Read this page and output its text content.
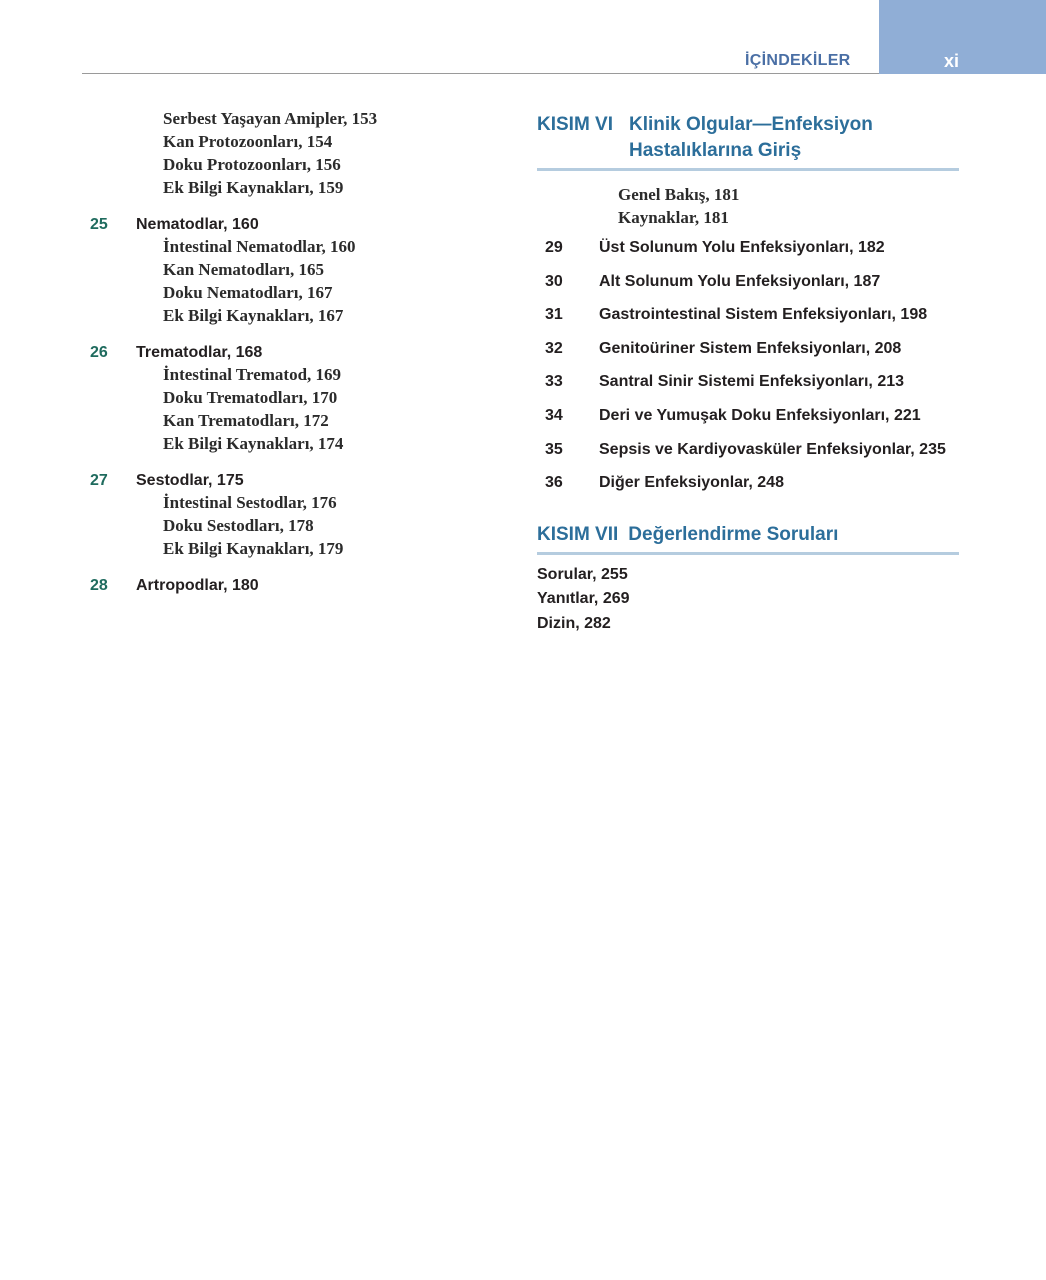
İÇİNDEKİLER	xi
Serbest Yaşayan Amipler, 153
Kan Protozoonları, 154
Doku Protozoonları, 156
Ek Bilgi Kaynakları, 159
25	Nematodlar, 160
İntestinal Nematodlar, 160
Kan Nematodları, 165
Doku Nematodları, 167
Ek Bilgi Kaynakları, 167
26	Trematodlar, 168
İntestinal Trematod, 169
Doku Trematodları, 170
Kan Trematodları, 172
Ek Bilgi Kaynakları, 174
27	Sestodlar, 175
İntestinal Sestodlar, 176
Doku Sestodları, 178
Ek Bilgi Kaynakları, 179
28	Artropodlar, 180
KISIM VI Klinik Olgular—Enfeksiyon
Hastalıklarına Giriş
Genel Bakış, 181
Kaynaklar, 181
29	Üst Solunum Yolu Enfeksiyonları, 182
30	Alt Solunum Yolu Enfeksiyonları, 187
31	Gastrointestinal Sistem Enfeksiyonları, 198
32	Genitoüriner Sistem Enfeksiyonları, 208
33	Santral Sinir Sistemi Enfeksiyonları, 213
34	Deri ve Yumuşak Doku Enfeksiyonları, 221
35	Sepsis ve Kardiyovasküler Enfeksiyonlar, 235
36	Diğer Enfeksiyonlar, 248
KISIM VII Değerlendirme Soruları
Sorular, 255
Yanıtlar, 269
Dizin, 282
